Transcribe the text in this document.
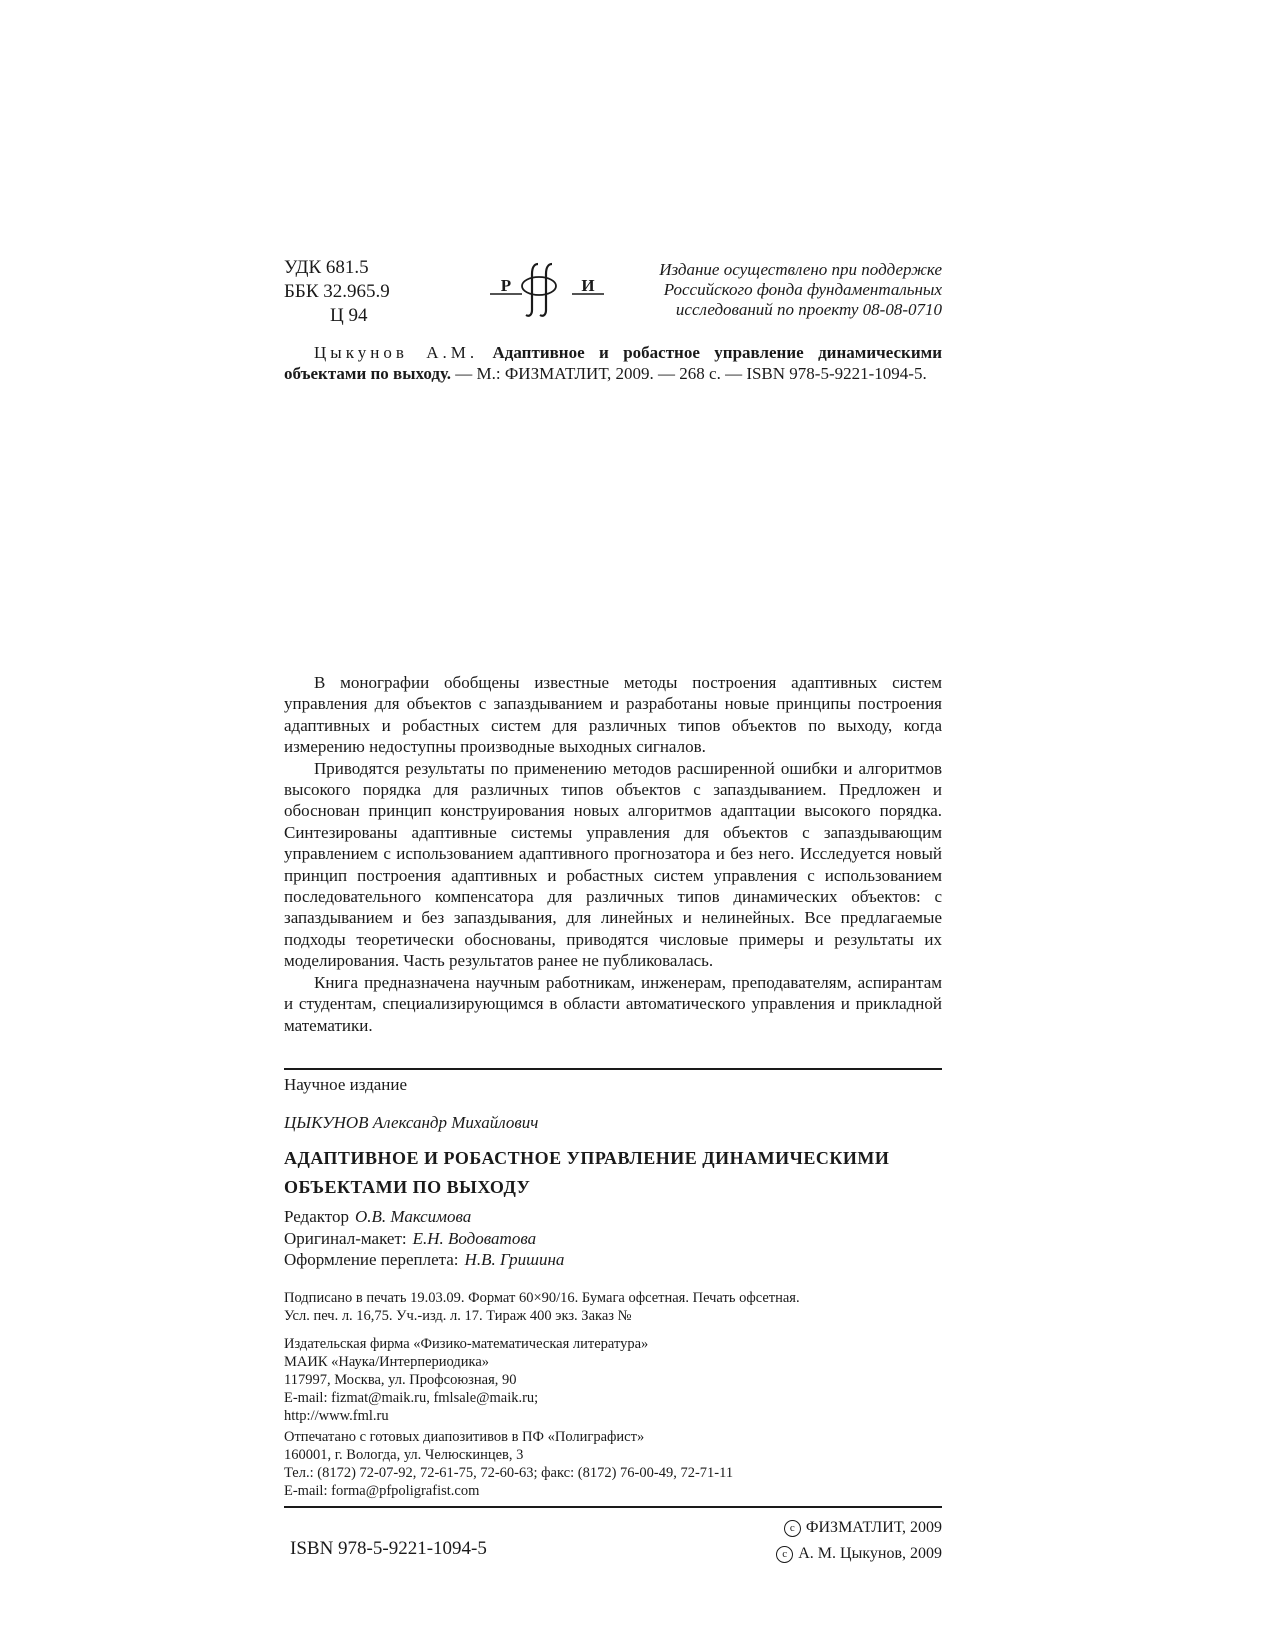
УДК 681.5
ББК 32.965.9
Ц 94
Р	И
Издание осуществлено при поддержке
Российского фонда фундаментальных
исследований по проекту 08-08-0710
Цыкунов А.М. Адаптивное и робастное управление динамическими объектами по выходу. — М.: ФИЗМАТЛИТ, 2009. — 268 с. — ISBN 978-5-9221-1094-5.

В монографии обобщены известные методы построения адаптивных систем управления для объектов с запаздыванием и разработаны новые принципы построения адаптивных и робастных систем для различных типов объектов по выходу, когда измерению недоступны производные выходных сигналов.

Приводятся результаты по применению методов расширенной ошибки и алгоритмов высокого порядка для различных типов объектов с запаздыванием. Предложен и обоснован принцип конструирования новых алгоритмов адаптации высокого порядка. Синтезированы адаптивные системы управления для объектов с запаздывающим управлением с использованием адаптивного прогнозатора и без него. Исследуется новый принцип построения адаптивных и робастных систем управления с использованием последовательного компенсатора для различных типов динамических объектов: с запаздыванием и без запаздывания, для линейных и нелинейных. Все предлагаемые подходы теоретически обоснованы, приводятся числовые примеры и результаты их моделирования. Часть результатов ранее не публиковалась.

Книга предназначена научным работникам, инженерам, преподавателям, аспирантам и студентам, специализирующимся в области автоматического управления и прикладной математики.

Научное издание
ЦЫКУНОВ Александр Михайлович
АДАПТИВНОЕ И РОБАСТНОЕ УПРАВЛЕНИЕ ДИНАМИЧЕСКИМИ ОБЪЕКТАМИ ПО ВЫХОДУ
Редактор О.В. Максимова
Оригинал-макет: Е.Н. Водоватова
Оформление переплета: Н.В. Гришина
Подписано в печать 19.03.09. Формат 60×90/16. Бумага офсетная. Печать офсетная.
Усл. печ. л. 16,75. Уч.-изд. л. 17. Тираж 400 экз. Заказ №
Издательская фирма «Физико-математическая литература»
МАИК «Наука/Интерпериодика»
117997, Москва, ул. Профсоюзная, 90
E-mail: fizmat@maik.ru, fmlsale@maik.ru;
http://www.fml.ru
Отпечатано с готовых диапозитивов в ПФ «Полиграфист»
160001, г. Вологда, ул. Челюскинцев, 3
Тел.: (8172) 72-07-92, 72-61-75, 72-60-63; факс: (8172) 76-00-49, 72-71-11
E-mail: forma@pfpoligrafist.com
ISBN 978-5-9221-1094-5
c ФИЗМАТЛИТ, 2009
c А. М. Цыкунов, 2009
